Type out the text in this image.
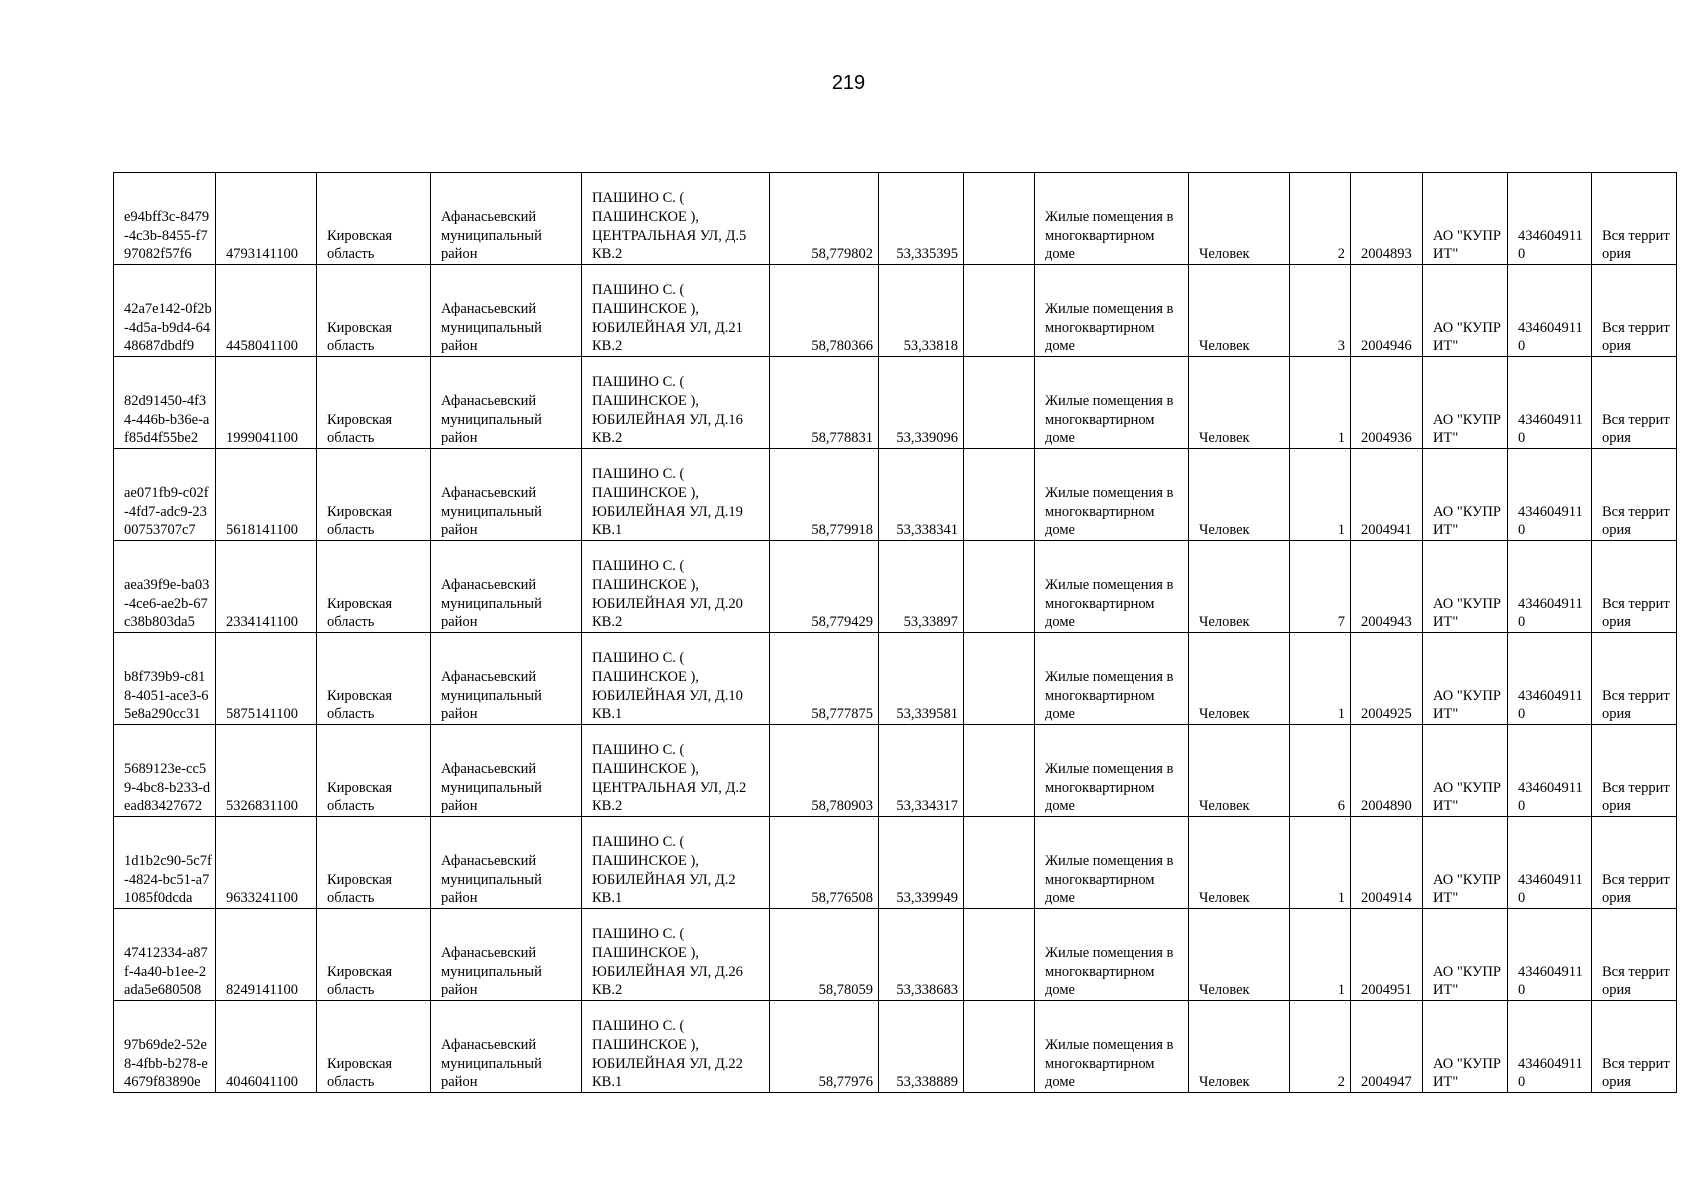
219
e94bff3c-8479-4c3b-8455-f797082f57f6	4793141100	Кировская область	Афанасьевский муниципальный район	ПАШИНО С. ( ПАШИНСКОЕ ), ЦЕНТРАЛЬНАЯ УЛ, Д.5 КВ.2	58,779802	53,335395		Жилые помещения в многоквартирном доме	Человек	2	2004893	АО "КУПРИТ"	4346049110	Вся территория
42a7e142-0f2b-4d5a-b9d4-6448687dbdf9	4458041100	Кировская область	Афанасьевский муниципальный район	ПАШИНО С. ( ПАШИНСКОЕ ), ЮБИЛЕЙНАЯ УЛ, Д.21 КВ.2	58,780366	53,33818		Жилые помещения в многоквартирном доме	Человек	3	2004946	АО "КУПРИТ"	4346049110	Вся территория
82d91450-4f34-446b-b36e-af85d4f55be2	1999041100	Кировская область	Афанасьевский муниципальный район	ПАШИНО С. ( ПАШИНСКОЕ ), ЮБИЛЕЙНАЯ УЛ, Д.16 КВ.2	58,778831	53,339096		Жилые помещения в многоквартирном доме	Человек	1	2004936	АО "КУПРИТ"	4346049110	Вся территория
ae071fb9-c02f-4fd7-adc9-2300753707c7	5618141100	Кировская область	Афанасьевский муниципальный район	ПАШИНО С. ( ПАШИНСКОЕ ), ЮБИЛЕЙНАЯ УЛ, Д.19 КВ.1	58,779918	53,338341		Жилые помещения в многоквартирном доме	Человек	1	2004941	АО "КУПРИТ"	4346049110	Вся территория
aea39f9e-ba03-4ce6-ae2b-67c38b803da5	2334141100	Кировская область	Афанасьевский муниципальный район	ПАШИНО С. ( ПАШИНСКОЕ ), ЮБИЛЕЙНАЯ УЛ, Д.20 КВ.2	58,779429	53,33897		Жилые помещения в многоквартирном доме	Человек	7	2004943	АО "КУПРИТ"	4346049110	Вся территория
b8f739b9-c818-4051-ace3-65e8a290cc31	5875141100	Кировская область	Афанасьевский муниципальный район	ПАШИНО С. ( ПАШИНСКОЕ ), ЮБИЛЕЙНАЯ УЛ, Д.10 КВ.1	58,777875	53,339581		Жилые помещения в многоквартирном доме	Человек	1	2004925	АО "КУПРИТ"	4346049110	Вся территория
5689123e-cc59-4bc8-b233-dead83427672	5326831100	Кировская область	Афанасьевский муниципальный район	ПАШИНО С. ( ПАШИНСКОЕ ), ЦЕНТРАЛЬНАЯ УЛ, Д.2 КВ.2	58,780903	53,334317		Жилые помещения в многоквартирном доме	Человек	6	2004890	АО "КУПРИТ"	4346049110	Вся территория
1d1b2c90-5c7f-4824-bc51-a71085f0dcda	9633241100	Кировская область	Афанасьевский муниципальный район	ПАШИНО С. ( ПАШИНСКОЕ ), ЮБИЛЕЙНАЯ УЛ, Д.2 КВ.1	58,776508	53,339949		Жилые помещения в многоквартирном доме	Человек	1	2004914	АО "КУПРИТ"	4346049110	Вся территория
47412334-a87f-4a40-b1ee-2ada5e680508	8249141100	Кировская область	Афанасьевский муниципальный район	ПАШИНО С. ( ПАШИНСКОЕ ), ЮБИЛЕЙНАЯ УЛ, Д.26 КВ.2	58,78059	53,338683		Жилые помещения в многоквартирном доме	Человек	1	2004951	АО "КУПРИТ"	4346049110	Вся территория
97b69de2-52e8-4fbb-b278-e4679f83890e	4046041100	Кировская область	Афанасьевский муниципальный район	ПАШИНО С. ( ПАШИНСКОЕ ), ЮБИЛЕЙНАЯ УЛ, Д.22 КВ.1	58,77976	53,338889		Жилые помещения в многоквартирном доме	Человек	2	2004947	АО "КУПРИТ"	4346049110	Вся территория
